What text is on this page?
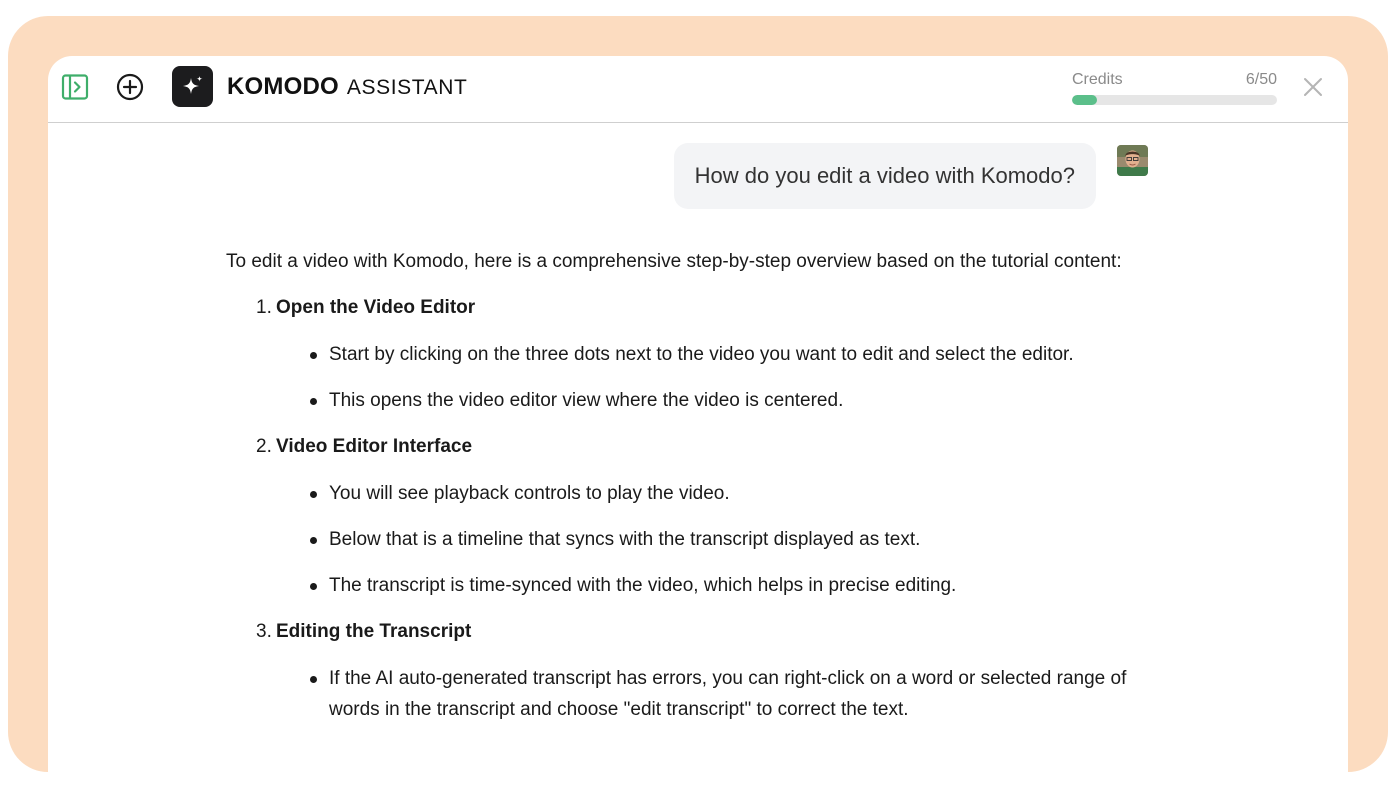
KOMODO ASSISTANT	Credits	6/50
How do you edit a video with Komodo?

To edit a video with Komodo, here is a comprehensive step-by-step overview based on the tutorial content:

1. Open the Video Editor
Start by clicking on the three dots next to the video you want to edit and select the editor.
This opens the video editor view where the video is centered.
2. Video Editor Interface
You will see playback controls to play the video.
Below that is a timeline that syncs with the transcript displayed as text.
The transcript is time-synced with the video, which helps in precise editing.
3. Editing the Transcript
If the AI auto-generated transcript has errors, you can right-click on a word or selected range of words in the transcript and choose "edit transcript" to correct the text.
